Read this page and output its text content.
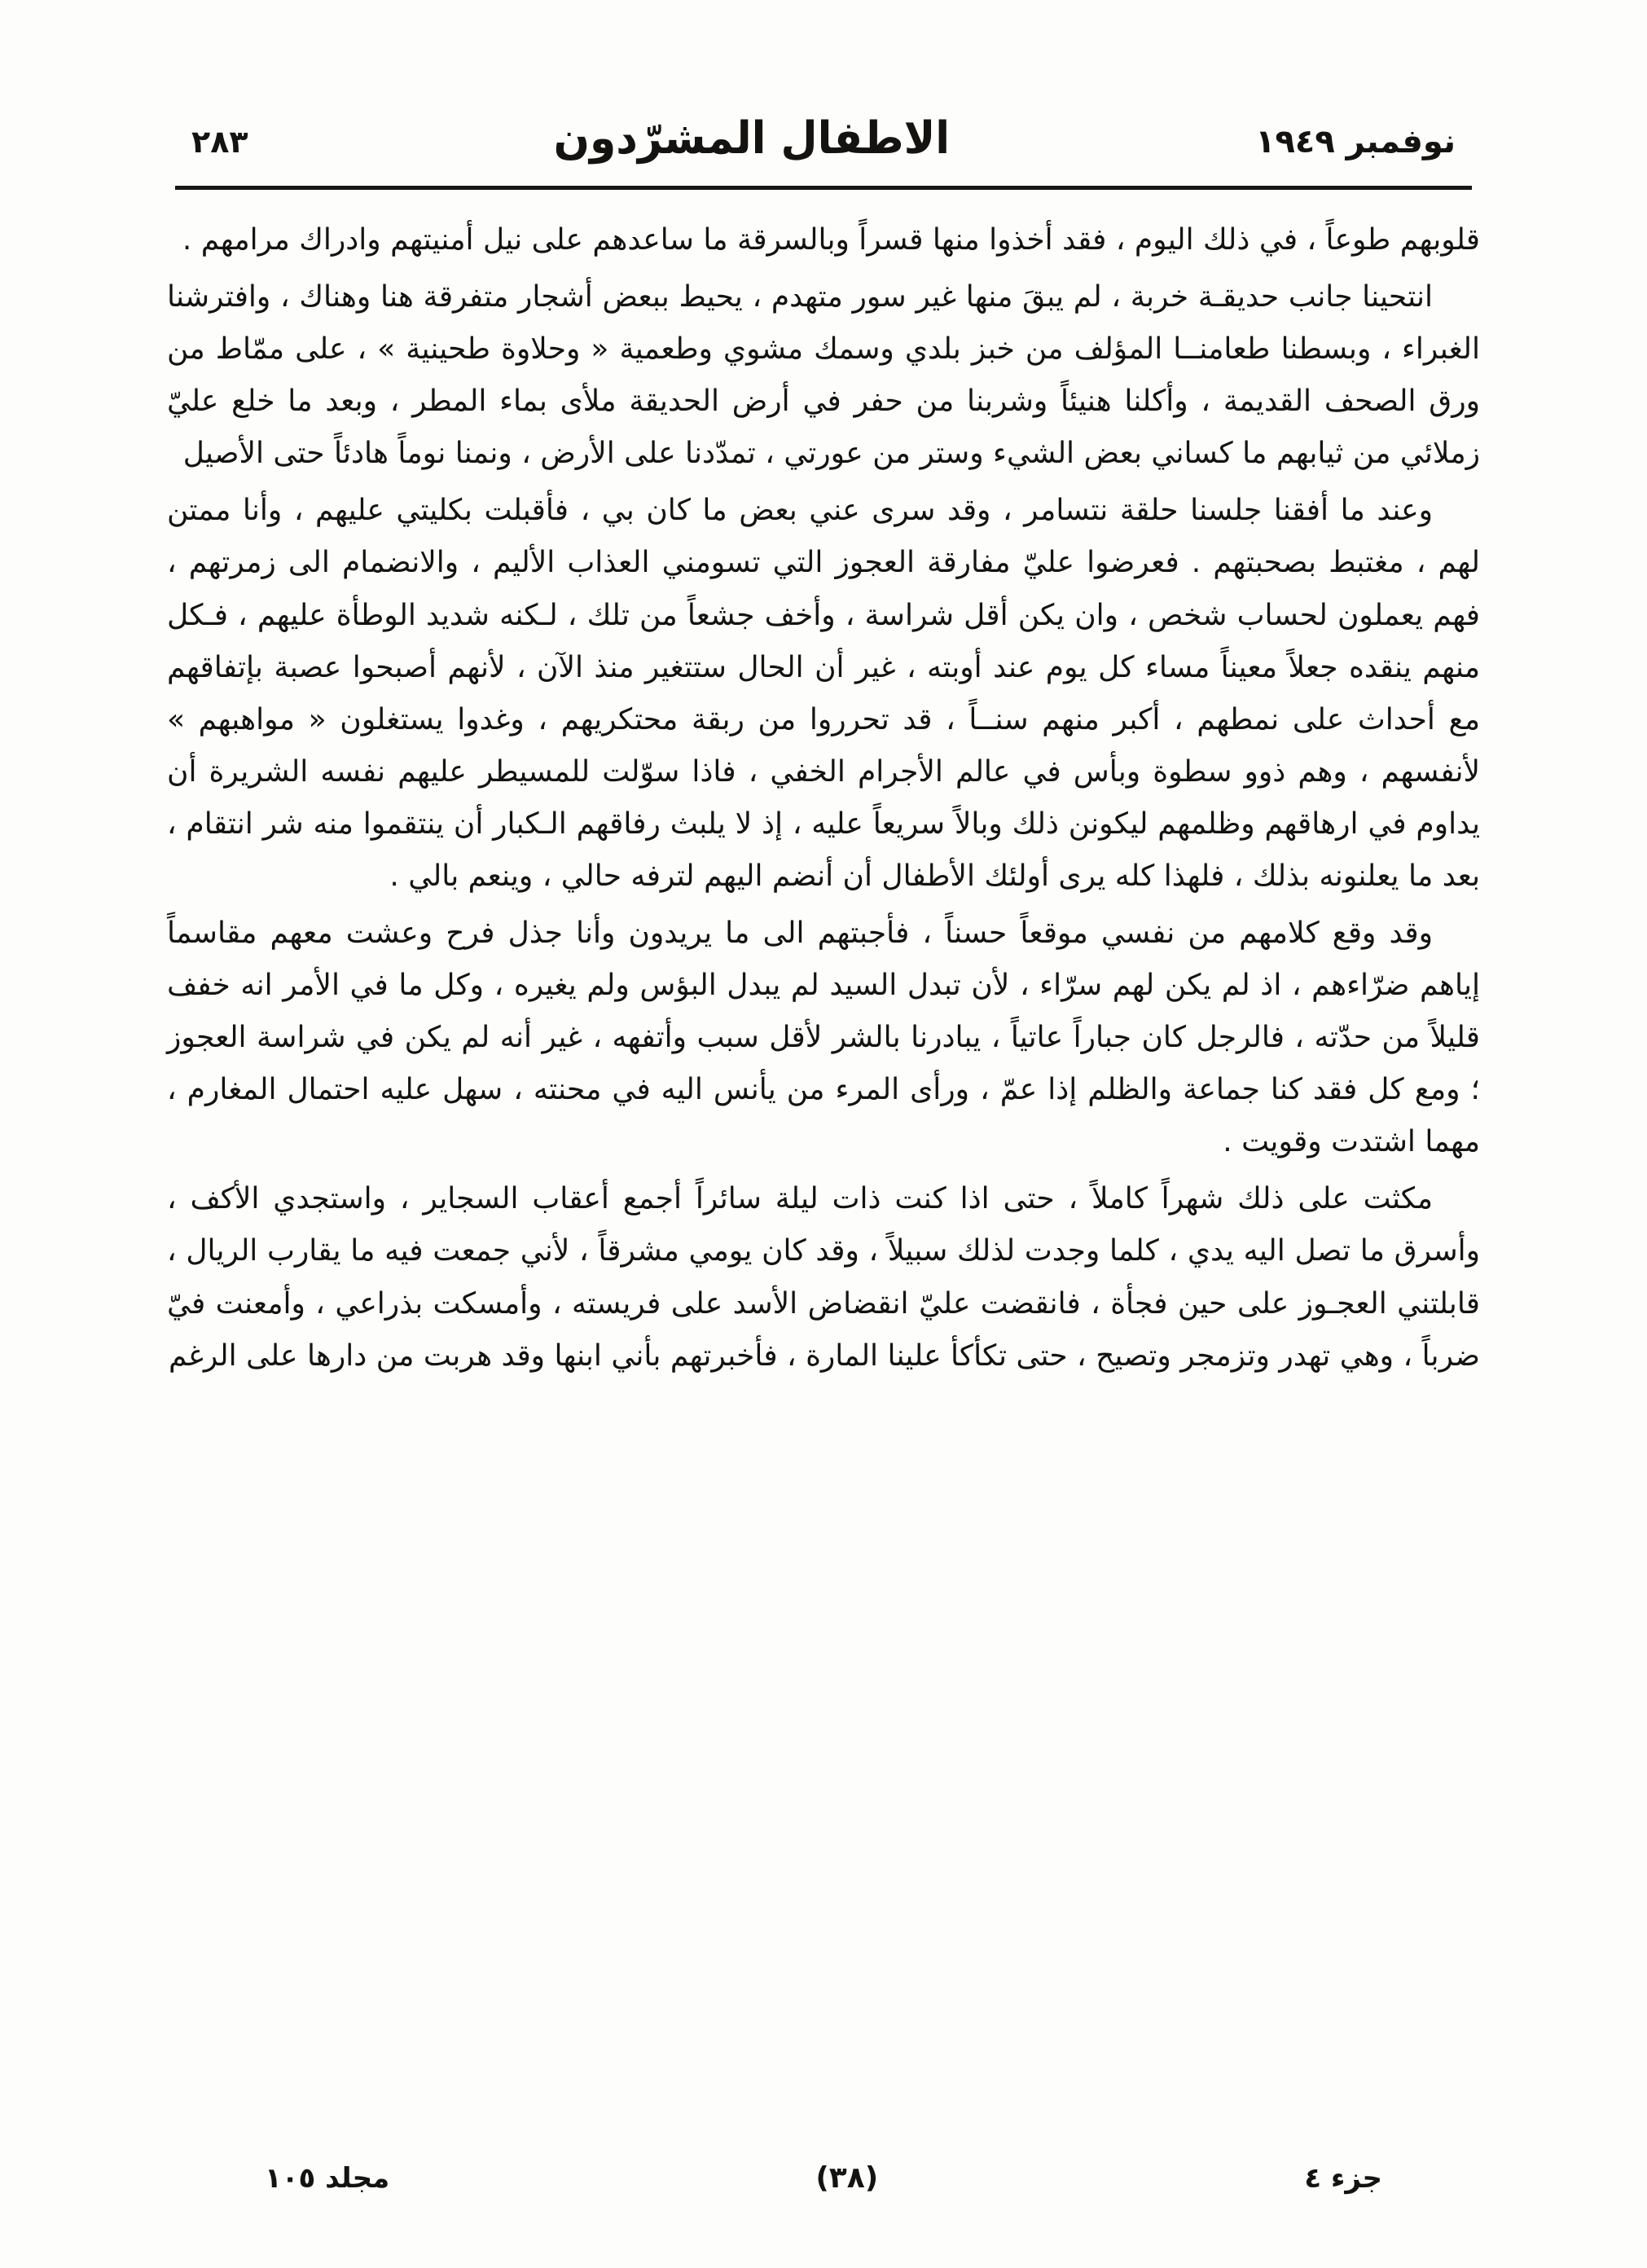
نوفمبر ١٩٤٩
الاطفال المشرّدون
٢٨٣

قلوبهم طوعاً ، في ذلك اليوم ، فقد أخذوا منها قسراً وبالسرقة ما ساعدهم على نيل أمنيتهم وادراك مرامهم .

انتحينا جانب حديقـة خربة ، لم يبقَ منها غير سور متهدم ، يحيط ببعض أشجار متفرقة هنا وهناك ، وافترشنا الغبراء ، وبسطنا طعامنــا المؤلف من خبز بلدي وسمك مشوي وطعمية « وحلاوة طحينية » ، على ممّاط من ورق الصحف القديمة ، وأكلنا هنيئاً وشربنا من حفر في أرض الحديقة ملأى بماء المطر ، وبعد ما خلع عليّ زملائي من ثيابهم ما كساني بعض الشيء وستر من عورتي ، تمدّدنا على الأرض ، ونمنا نوماً هادئاً حتى الأصيل

وعند ما أفقنا جلسنا حلقة نتسامر ، وقد سرى عني بعض ما كان بي ، فأقبلت بكليتي عليهم ، وأنا ممتن لهم ، مغتبط بصحبتهم . فعرضوا عليّ مفارقة العجوز التي تسومني العذاب الأليم ، والانضمام الى زمرتهم ، فهم يعملون لحساب شخص ، وان يكن أقل شراسة ، وأخف جشعاً من تلك ، لـكنه شديد الوطأة عليهم ، فـكل منهم ينقده جعلاً معيناً مساء كل يوم عند أوبته ، غير أن الحال ستتغير منذ الآن ، لأنهم أصبحوا عصبة بإتفاقهم مع أحداث على نمطهم ، أكبر منهم سنــاً ، قد تحرروا من ربقة محتكريهم ، وغدوا يستغلون « مواهبهم » لأنفسهم ، وهم ذوو سطوة وبأس في عالم الأجرام الخفي ، فاذا سوّلت للمسيطر عليهم نفسه الشريرة أن يداوم في ارهاقهم وظلمهم ليكونن ذلك وبالاً سريعاً عليه ، إذ لا يلبث رفاقهم الـكبار أن ينتقموا منه شر انتقام ، بعد ما يعلنونه بذلك ، فلهذا كله يرى أولئك الأطفال أن أنضم اليهم لترفه حالي ، وينعم بالي .

وقد وقع كلامهم من نفسي موقعاً حسناً ، فأجبتهم الى ما يريدون وأنا جذل فرح وعشت معهم مقاسماً إياهم ضرّاءهم ، اذ لم يكن لهم سرّاء ، لأن تبدل السيد لم يبدل البؤس ولم يغيره ، وكل ما في الأمر انه خفف قليلاً من حدّته ، فالرجل كان جباراً عاتياً ، يبادرنا بالشر لأقل سبب وأتفهه ، غير أنه لم يكن في شراسة العجوز ؛ ومع كل فقد كنا جماعة والظلم إذا عمّ ، ورأى المرء من يأنس اليه في محنته ، سهل عليه احتمال المغارم ، مهما اشتدت وقويت .

مكثت على ذلك شهراً كاملاً ، حتى اذا كنت ذات ليلة سائراً أجمع أعقاب السجاير ، واستجدي الأكف ، وأسرق ما تصل اليه يدي ، كلما وجدت لذلك سبيلاً ، وقد كان يومي مشرقاً ، لأني جمعت فيه ما يقارب الريال ، قابلتني العجـوز على حين فجأة ، فانقضت عليّ انقضاض الأسد على فريسته ، وأمسكت بذراعي ، وأمعنت فيّ ضرباً ، وهي تهدر وتزمجر وتصيح ، حتى تكأكأ علينا المارة ، فأخبرتهم بأني ابنها وقد هربت من دارها على الرغم

جزء ٤
(٣٨)
مجلد ١٠٥
